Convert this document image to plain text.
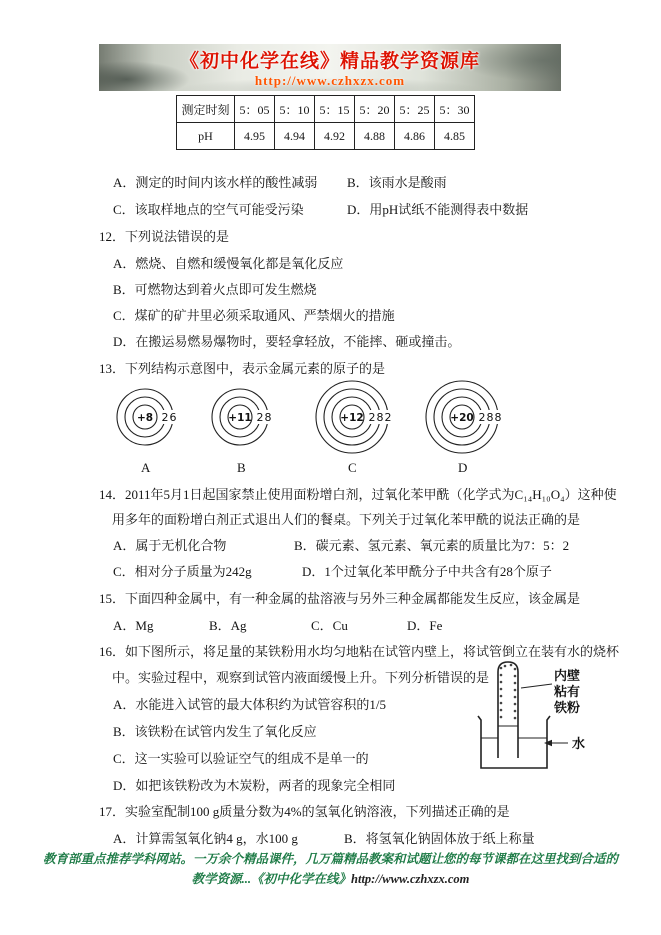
《初中化学在线》精品教学资源库
http://www.czhxzx.com
测定时刻	5：05	5：10	5：15	5：20	5：25	5：30
pH	4.95	4.94	4.92	4.88	4.86	4.85
A．测定的时间内该水样的酸性减弱 B．该雨水是酸雨
C．该取样地点的空气可能受污染	D．用pH试纸不能测得表中数据
12．下列说法错误的是
A．燃烧、自燃和缓慢氧化都是氧化反应
B．可燃物达到着火点即可发生燃烧
C．煤矿的矿井里必须采取通风、严禁烟火的措施
D．在搬运易燃易爆物时，要轻拿轻放，不能摔、砸或撞击。
13．下列结构示意图中，表示金属元素的原子的是
+8 2 6	+11 2 8	+12 2 8 2	+20 2 8 8
A	B	C	D
14．2011年5月1日起国家禁止使用面粉增白剂，过氧化苯甲酰（化学式为C₁₄H₁₀O₄）这种使
用多年的面粉增白剂正式退出人们的餐桌。下列关于过氧化苯甲酰的说法正确的是
A．属于无机化合物	B．碳元素、氢元素、氧元素的质量比为7：5：2
C．相对分子质量为242g	D．1个过氧化苯甲酰分子中共含有28个原子
15．下面四种金属中，有一种金属的盐溶液与另外三种金属都能发生反应，该金属是
A．Mg	B．Ag	C．Cu	D．Fe
16．如下图所示，将足量的某铁粉用水均匀地粘在试管内壁上，将试管倒立在装有水的烧杯
中。实验过程中，观察到试管内液面缓慢上升。下列分析错误的是
A．水能进入试管的最大体积约为试管容积的1/5
B．该铁粉在试管内发生了氧化反应
C．这一实验可以验证空气的组成不是单一的
D．如把该铁粉改为木炭粉，两者的现象完全相同
内壁
粘有
铁粉
水
17．实验室配制100 g质量分数为4%的氢氧化钠溶液，下列描述正确的是
A．计算需氢氧化钠4 g，水100 g	B．将氢氧化钠固体放于纸上称量
教育部重点推荐学科网站。一万余个精品课件，几万篇精品教案和试题让您的每节课都在这里找到合适的
教学资源...《初中化学在线》http://www.czhxzx.com
